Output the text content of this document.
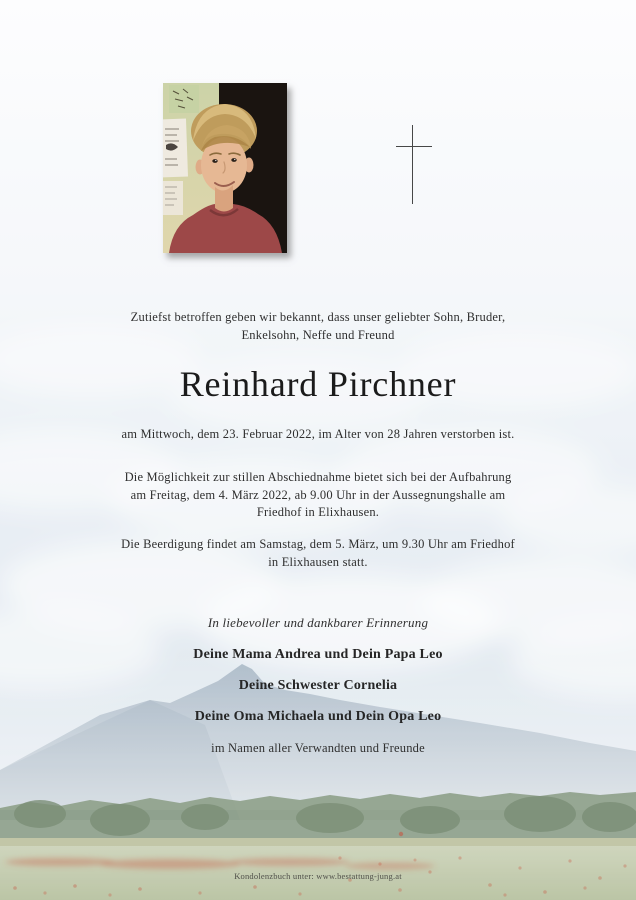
Zutiefst betroffen geben wir bekannt, dass unser geliebter Sohn, Bruder,
Enkelsohn, Neffe und Freund
Reinhard Pirchner
am Mittwoch, dem 23. Februar 2022, im Alter von 28 Jahren verstorben ist.
Die Möglichkeit zur stillen Abschiednahme bietet sich bei der Aufbahrung
am Freitag, dem 4. März 2022, ab 9.00 Uhr in der Aussegnungshalle am
Friedhof in Elixhausen.
Die Beerdigung findet am Samstag, dem 5. März, um 9.30 Uhr am Friedhof
in Elixhausen statt.
In liebevoller und dankbarer Erinnerung
Deine Mama Andrea und Dein Papa Leo
Deine Schwester Cornelia
Deine Oma Michaela und Dein Opa Leo
im Namen aller Verwandten und Freunde
Kondolenzbuch unter: www.bestattung-jung.at
